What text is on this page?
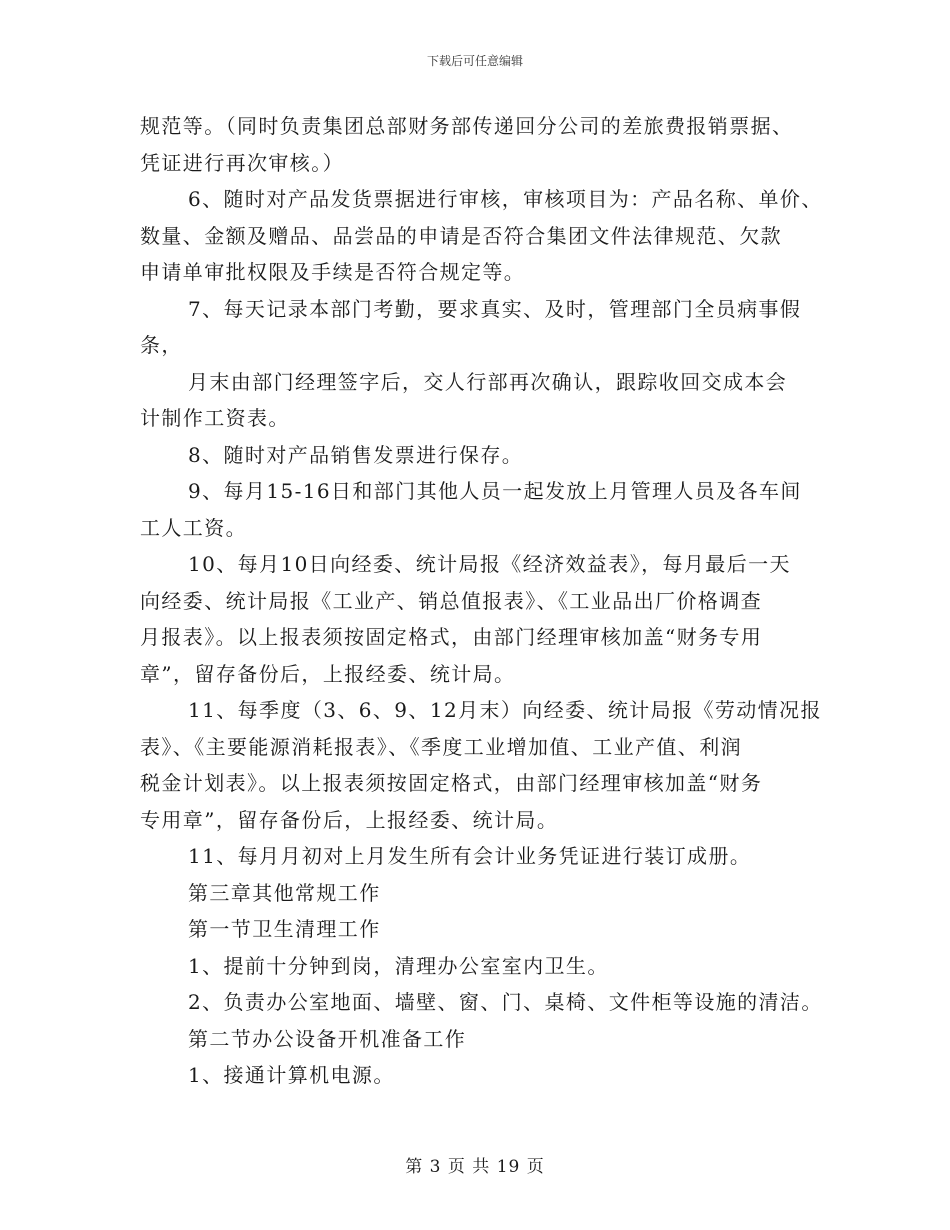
下载后可任意编辑
规范等。（同时负责集团总部财务部传递回分公司的差旅费报销票据、
凭证进行再次审核。）
6、随时对产品发货票据进行审核，审核项目为：产品名称、单价、
数量、金额及赠品、品尝品的申请是否符合集团文件法律规范、欠款
申请单审批权限及手续是否符合规定等。
7、每天记录本部门考勤，要求真实、及时，管理部门全员病事假
条，
月末由部门经理签字后，交人行部再次确认，跟踪收回交成本会
计制作工资表。
8、随时对产品销售发票进行保存。
9、每月15-16日和部门其他人员一起发放上月管理人员及各车间
工人工资。
10、每月10日向经委、统计局报《经济效益表》，每月最后一天
向经委、统计局报《工业产、销总值报表》、《工业品出厂价格调查
月报表》。以上报表须按固定格式，由部门经理审核加盖“财务专用
章”，留存备份后，上报经委、统计局。
11、每季度（3、6、9、12月末）向经委、统计局报《劳动情况报
表》、《主要能源消耗报表》、《季度工业增加值、工业产值、利润
税金计划表》。以上报表须按固定格式，由部门经理审核加盖“财务
专用章”，留存备份后，上报经委、统计局。
11、每月月初对上月发生所有会计业务凭证进行装订成册。
第三章其他常规工作
第一节卫生清理工作
1、提前十分钟到岗，清理办公室室内卫生。
2、负责办公室地面、墙壁、窗、门、桌椅、文件柜等设施的清洁。
第二节办公设备开机准备工作
1、接通计算机电源。
第 3 页 共 19 页
